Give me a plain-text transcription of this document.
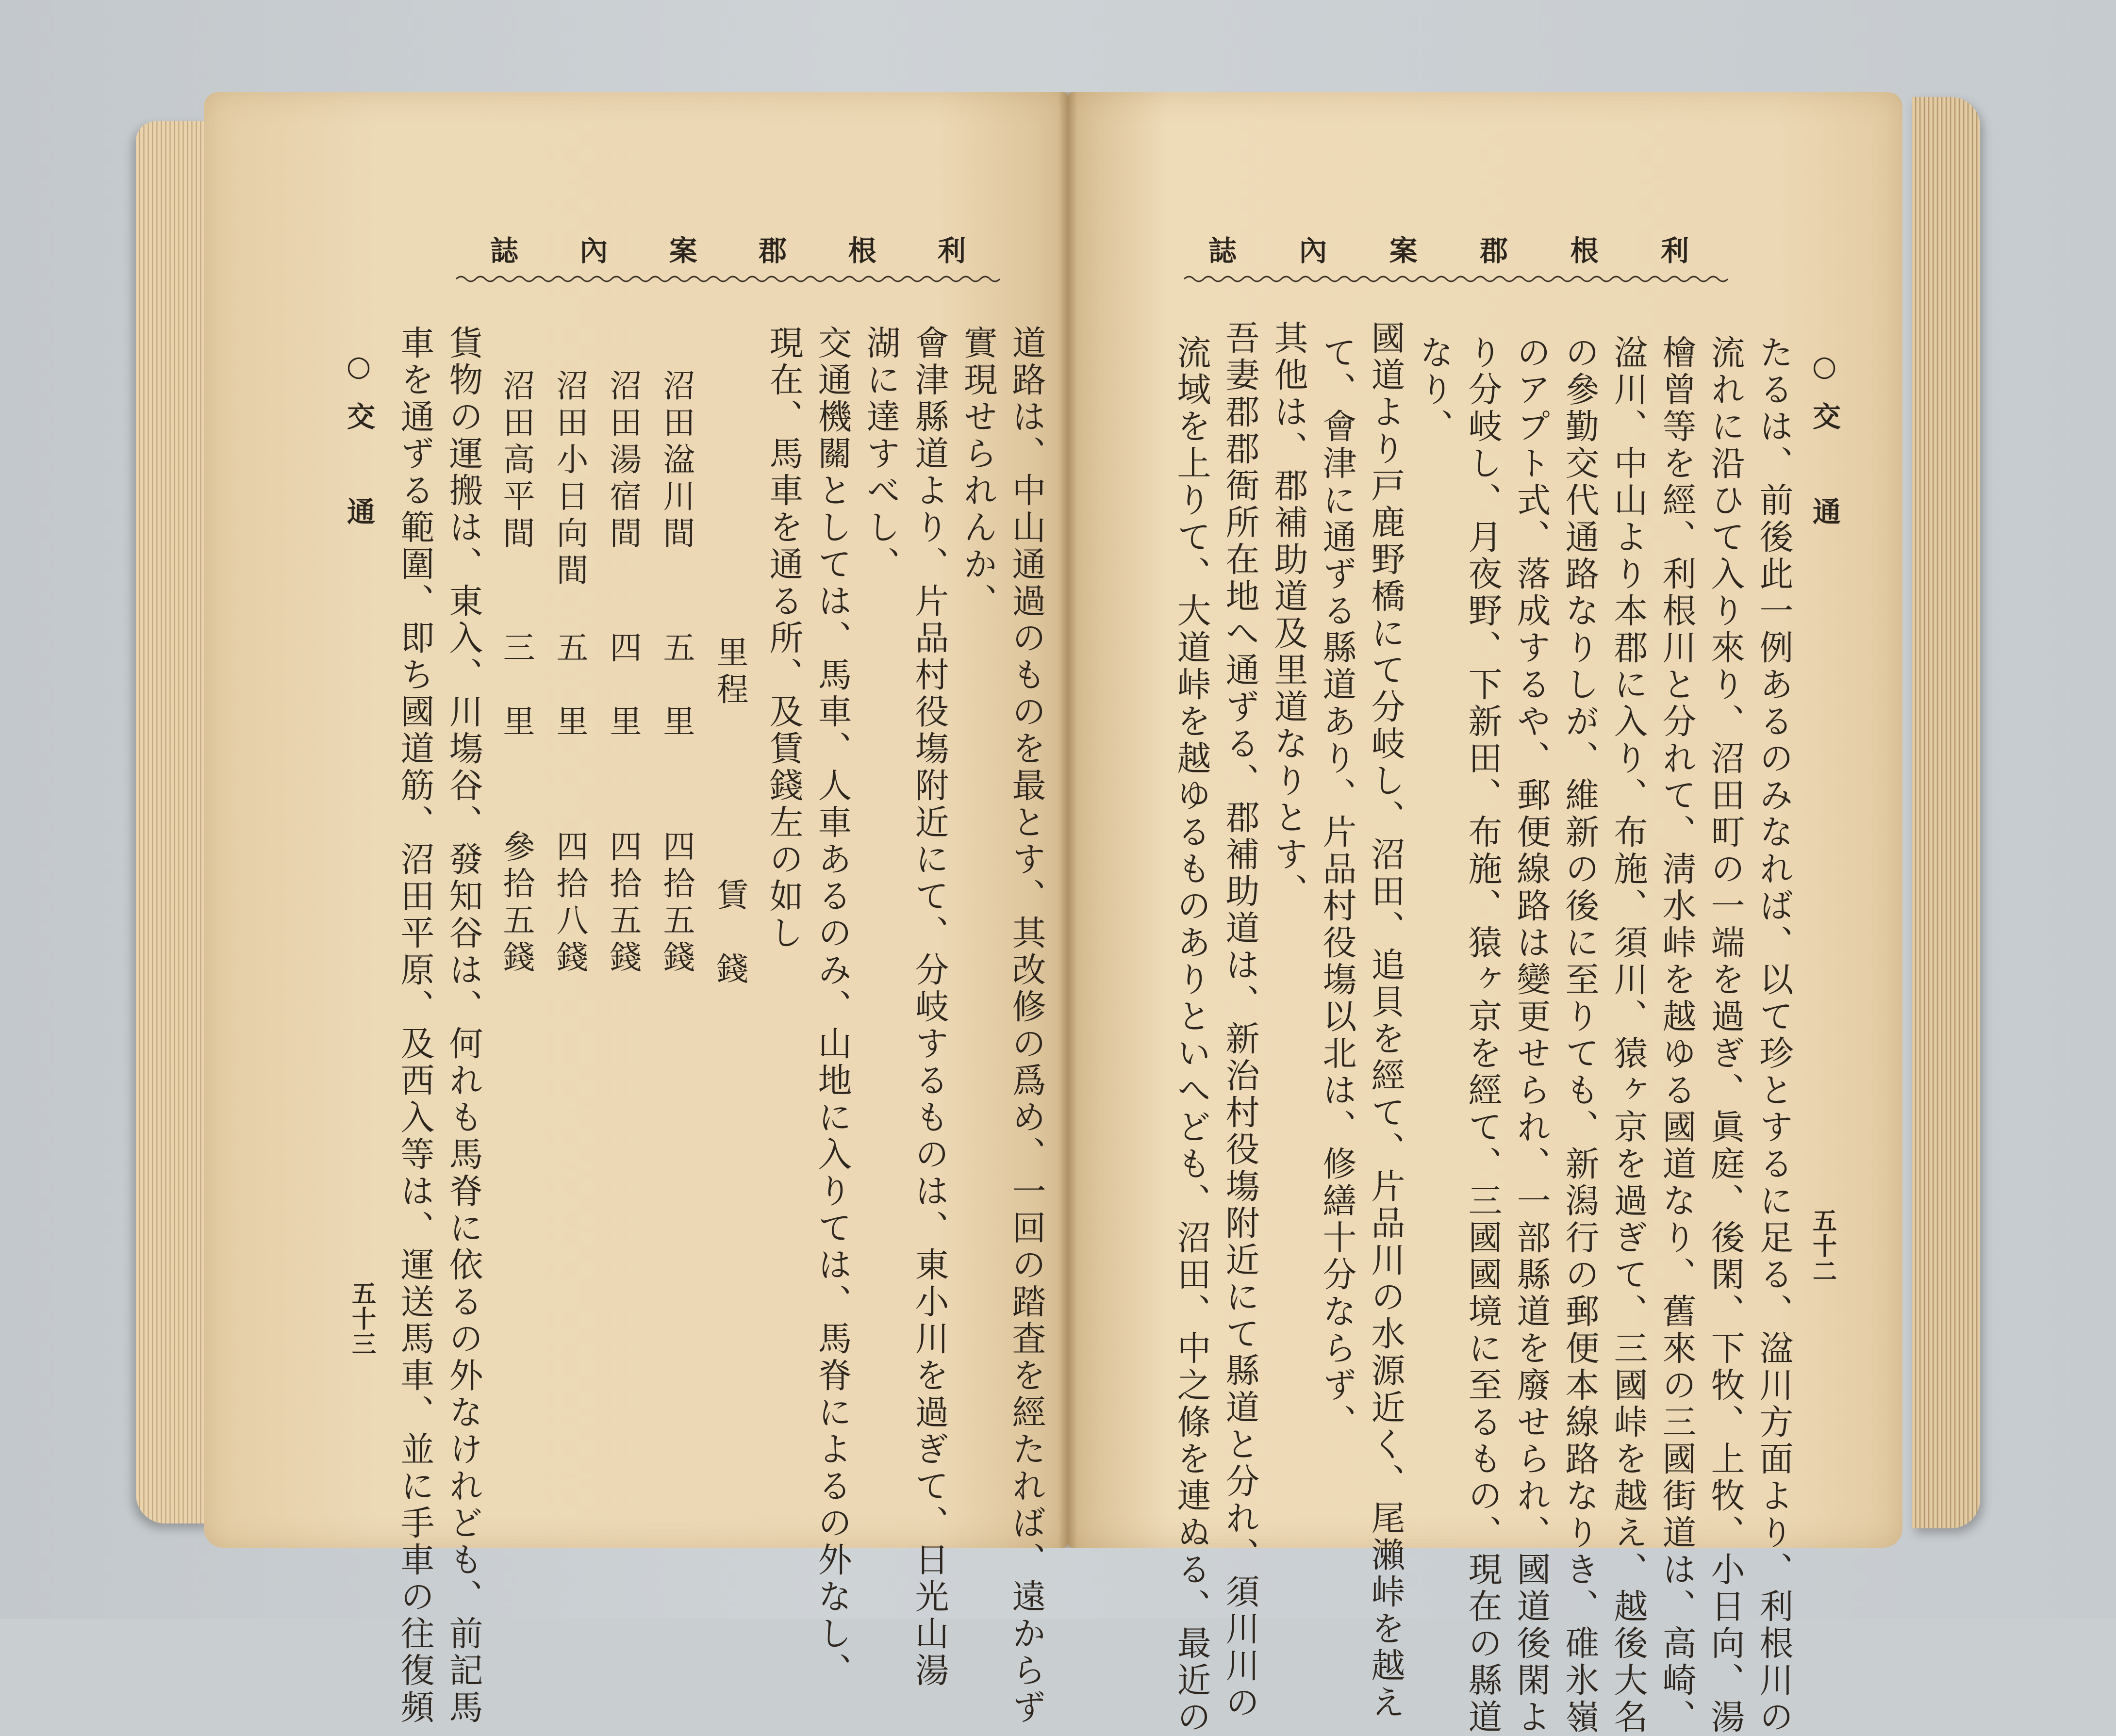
誌 內 案 郡 根 利
道路は、中山通過のものを最とす、其改修の爲め、一回の踏査を經たれば、遠からず
實現せられんか、
會津縣道より、片品村役塲附近にて、分岐するものは、東小川を過ぎて、日光山湯
湖に達すべし、
交通機關としては、馬車、人車あるのみ、山地に入りては、馬脊によるの外なし、
現在、馬車を通る所、及賃錢左の如し
里程
賃　錢
沼田湓川間
五　里
四拾五錢
沼田湯宿間
四　里
四拾五錢
沼田小日向間
五　里
四拾八錢
沼田高平間
三　里
參拾五錢
貨物の運搬は、東入、川塲谷、發知谷は、何れも馬脊に依るの外なけれども、前記馬
車を通ずる範圍、即ち國道筋、沼田平原、及西入等は、運送馬車、並に手車の往復頻
○交　通
五十三
誌 內 案 郡 根 利
○交　通
たるは、前後此一例あるのみなれば、以て珍とするに足る、湓川方面より、利根川の
流れに沿ひて入り來り、沼田町の一端を過ぎ、眞庭、後閑、下牧、上牧、小日向、湯
檜曾等を經、利根川と分れて、淸水峠を越ゆる國道なり、舊來の三國街道は、高崎、
湓川、中山より本郡に入り、布施、須川、猿ヶ京を過ぎて、三國峠を越え、越後大名
の參勤交代通路なりしが、維新の後に至りても、新潟行の郵便本線路なりき、碓氷嶺
のアプト式、落成するや、郵便線路は變更せられ、一部縣道を廢せられ、國道後閑よ
り分岐し、月夜野、下新田、布施、猿ヶ京を經て、三國國境に至るもの、現在の縣道
なり、
國道より戸鹿野橋にて分岐し、沼田、追貝を經て、片品川の水源近く、尾瀨峠を越え
て、會津に通ずる縣道あり、片品村役塲以北は、修繕十分ならず、
其他は、郡補助道及里道なりとす、
吾妻郡郡衙所在地へ通ずる、郡補助道は、新治村役塲附近にて縣道と分れ、須川川の
流域を上りて、大道峠を越ゆるものありといへども、沼田、中之條を連ぬる、最近の	五十二
